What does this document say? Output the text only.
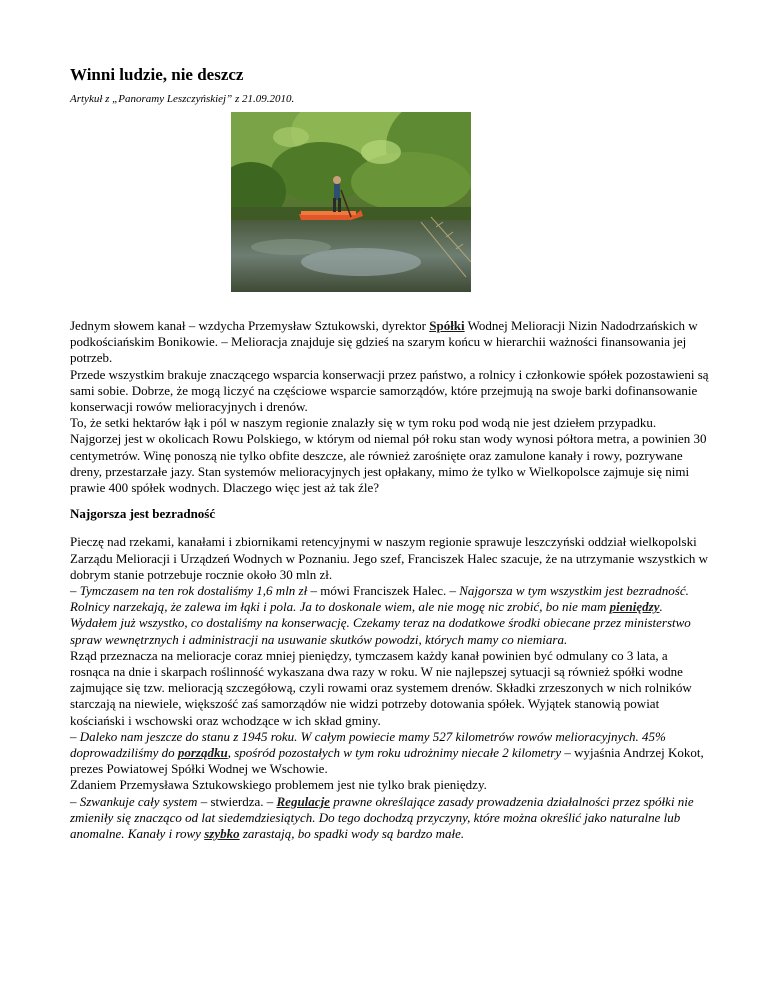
Winni ludzie, nie deszcz

Artykuł z „Panoramy Leszczyńskiej” z 21.09.2010.

Jednym słowem kanał – wzdycha Przemysław Sztukowski, dyrektor Spółki Wodnej Melioracji Nizin Nadodrzańskich w podkościańskim Bonikowie. – Melioracja znajduje się gdzieś na szarym końcu w hierarchii ważności finansowania jej potrzeb.

Przede wszystkim brakuje znaczącego wsparcia konserwacji przez państwo, a rolnicy i członkowie spółek pozostawieni są sami sobie. Dobrze, że mogą liczyć na częściowe wsparcie samorządów, które przejmują na swoje barki dofinansowanie konserwacji rowów melioracyjnych i drenów.

To, że setki hektarów łąk i pól w naszym regionie znalazły się w tym roku pod wodą nie jest dziełem przypadku. Najgorzej jest w okolicach Rowu Polskiego, w którym od niemal pół roku stan wody wynosi półtora metra, a powinien 30 centymetrów. Winę ponoszą nie tylko obfite deszcze, ale również zarośnięte oraz zamulone kanały i rowy, pozrywane dreny, przestarzałe jazy. Stan systemów melioracyjnych jest opłakany, mimo że tylko w Wielkopolsce zajmuje się nimi prawie 400 spółek wodnych. Dlaczego więc jest aż tak źle?

Najgorsza jest bezradność

Pieczę nad rzekami, kanałami i zbiornikami retencyjnymi w naszym regionie sprawuje leszczyński oddział wielkopolski Zarządu Melioracji i Urządzeń Wodnych w Poznaniu. Jego szef, Franciszek Halec szacuje, że na utrzymanie wszystkich w dobrym stanie potrzebuje rocznie około 30 mln zł.

– Tymczasem na ten rok dostaliśmy 1,6 mln zł – mówi Franciszek Halec. – Najgorsza w tym wszystkim jest bezradność. Rolnicy narzekają, że zalewa im łąki i pola. Ja to doskonale wiem, ale nie mogę nic zrobić, bo nie mam pieniędzy. Wydałem już wszystko, co dostaliśmy na konserwację. Czekamy teraz na dodatkowe środki obiecane przez ministerstwo spraw wewnętrznych i administracji na usuwanie skutków powodzi, których mamy co niemiara.

Rząd przeznacza na melioracje coraz mniej pieniędzy, tymczasem każdy kanał powinien być odmulany co 3 lata, a rosnąca na dnie i skarpach roślinność wykaszana dwa razy w roku. W nie najlepszej sytuacji są również spółki wodne zajmujące się tzw. melioracją szczegółową, czyli rowami oraz systemem drenów. Składki zrzeszonych w nich rolników starczają na niewiele, większość zaś samorządów nie widzi potrzeby dotowania spółek. Wyjątek stanowią powiat kościański i wschowski oraz wchodzące w ich skład gminy.

– Daleko nam jeszcze do stanu z 1945 roku. W całym powiecie mamy 527 kilometrów rowów melioracyjnych. 45% doprowadziliśmy do porządku, spośród pozostałych w tym roku udrożnimy niecałe 2 kilometry – wyjaśnia Andrzej Kokot, prezes Powiatowej Spółki Wodnej we Wschowie.

Zdaniem Przemysława Sztukowskiego problemem jest nie tylko brak pieniędzy.

– Szwankuje cały system – stwierdza. – Regulacje prawne określające zasady prowadzenia działalności przez spółki nie zmieniły się znacząco od lat siedemdziesiątych. Do tego dochodzą przyczyny, które można określić jako naturalne lub anomalne. Kanały i rowy szybko zarastają, bo spadki wody są bardzo małe.
